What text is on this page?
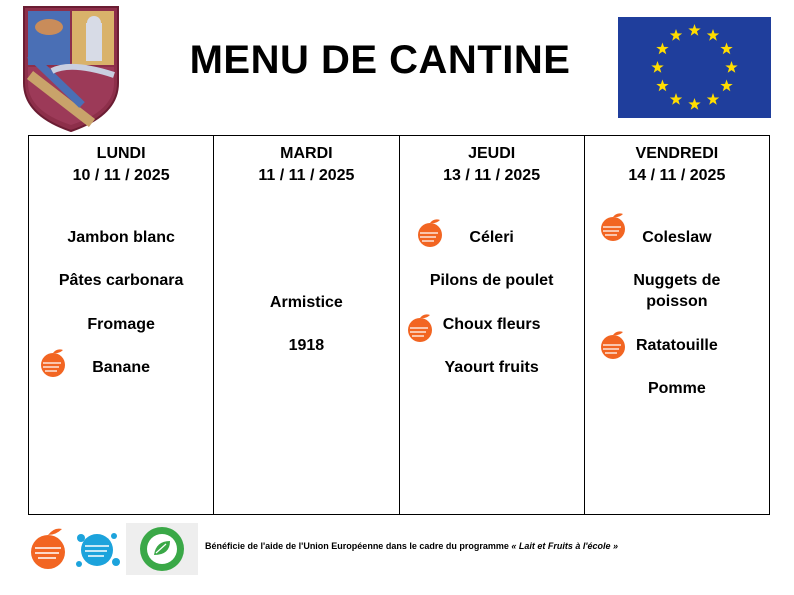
MENU DE CANTINE
LUNDI
10 / 11 / 2025
Jambon blanc
Pâtes carbonara
Fromage
Banane
MARDI
11 / 11 / 2025
Armistice
1918
JEUDI
13 / 11 / 2025
Céleri
Pilons de poulet
Choux fleurs
Yaourt fruits
VENDREDI
14 / 11 / 2025
Coleslaw
Nuggets de poisson
Ratatouille
Pomme
Bénéficie de l'aide de l'Union Européenne dans le cadre du programme « Lait et Fruits à l'école »
